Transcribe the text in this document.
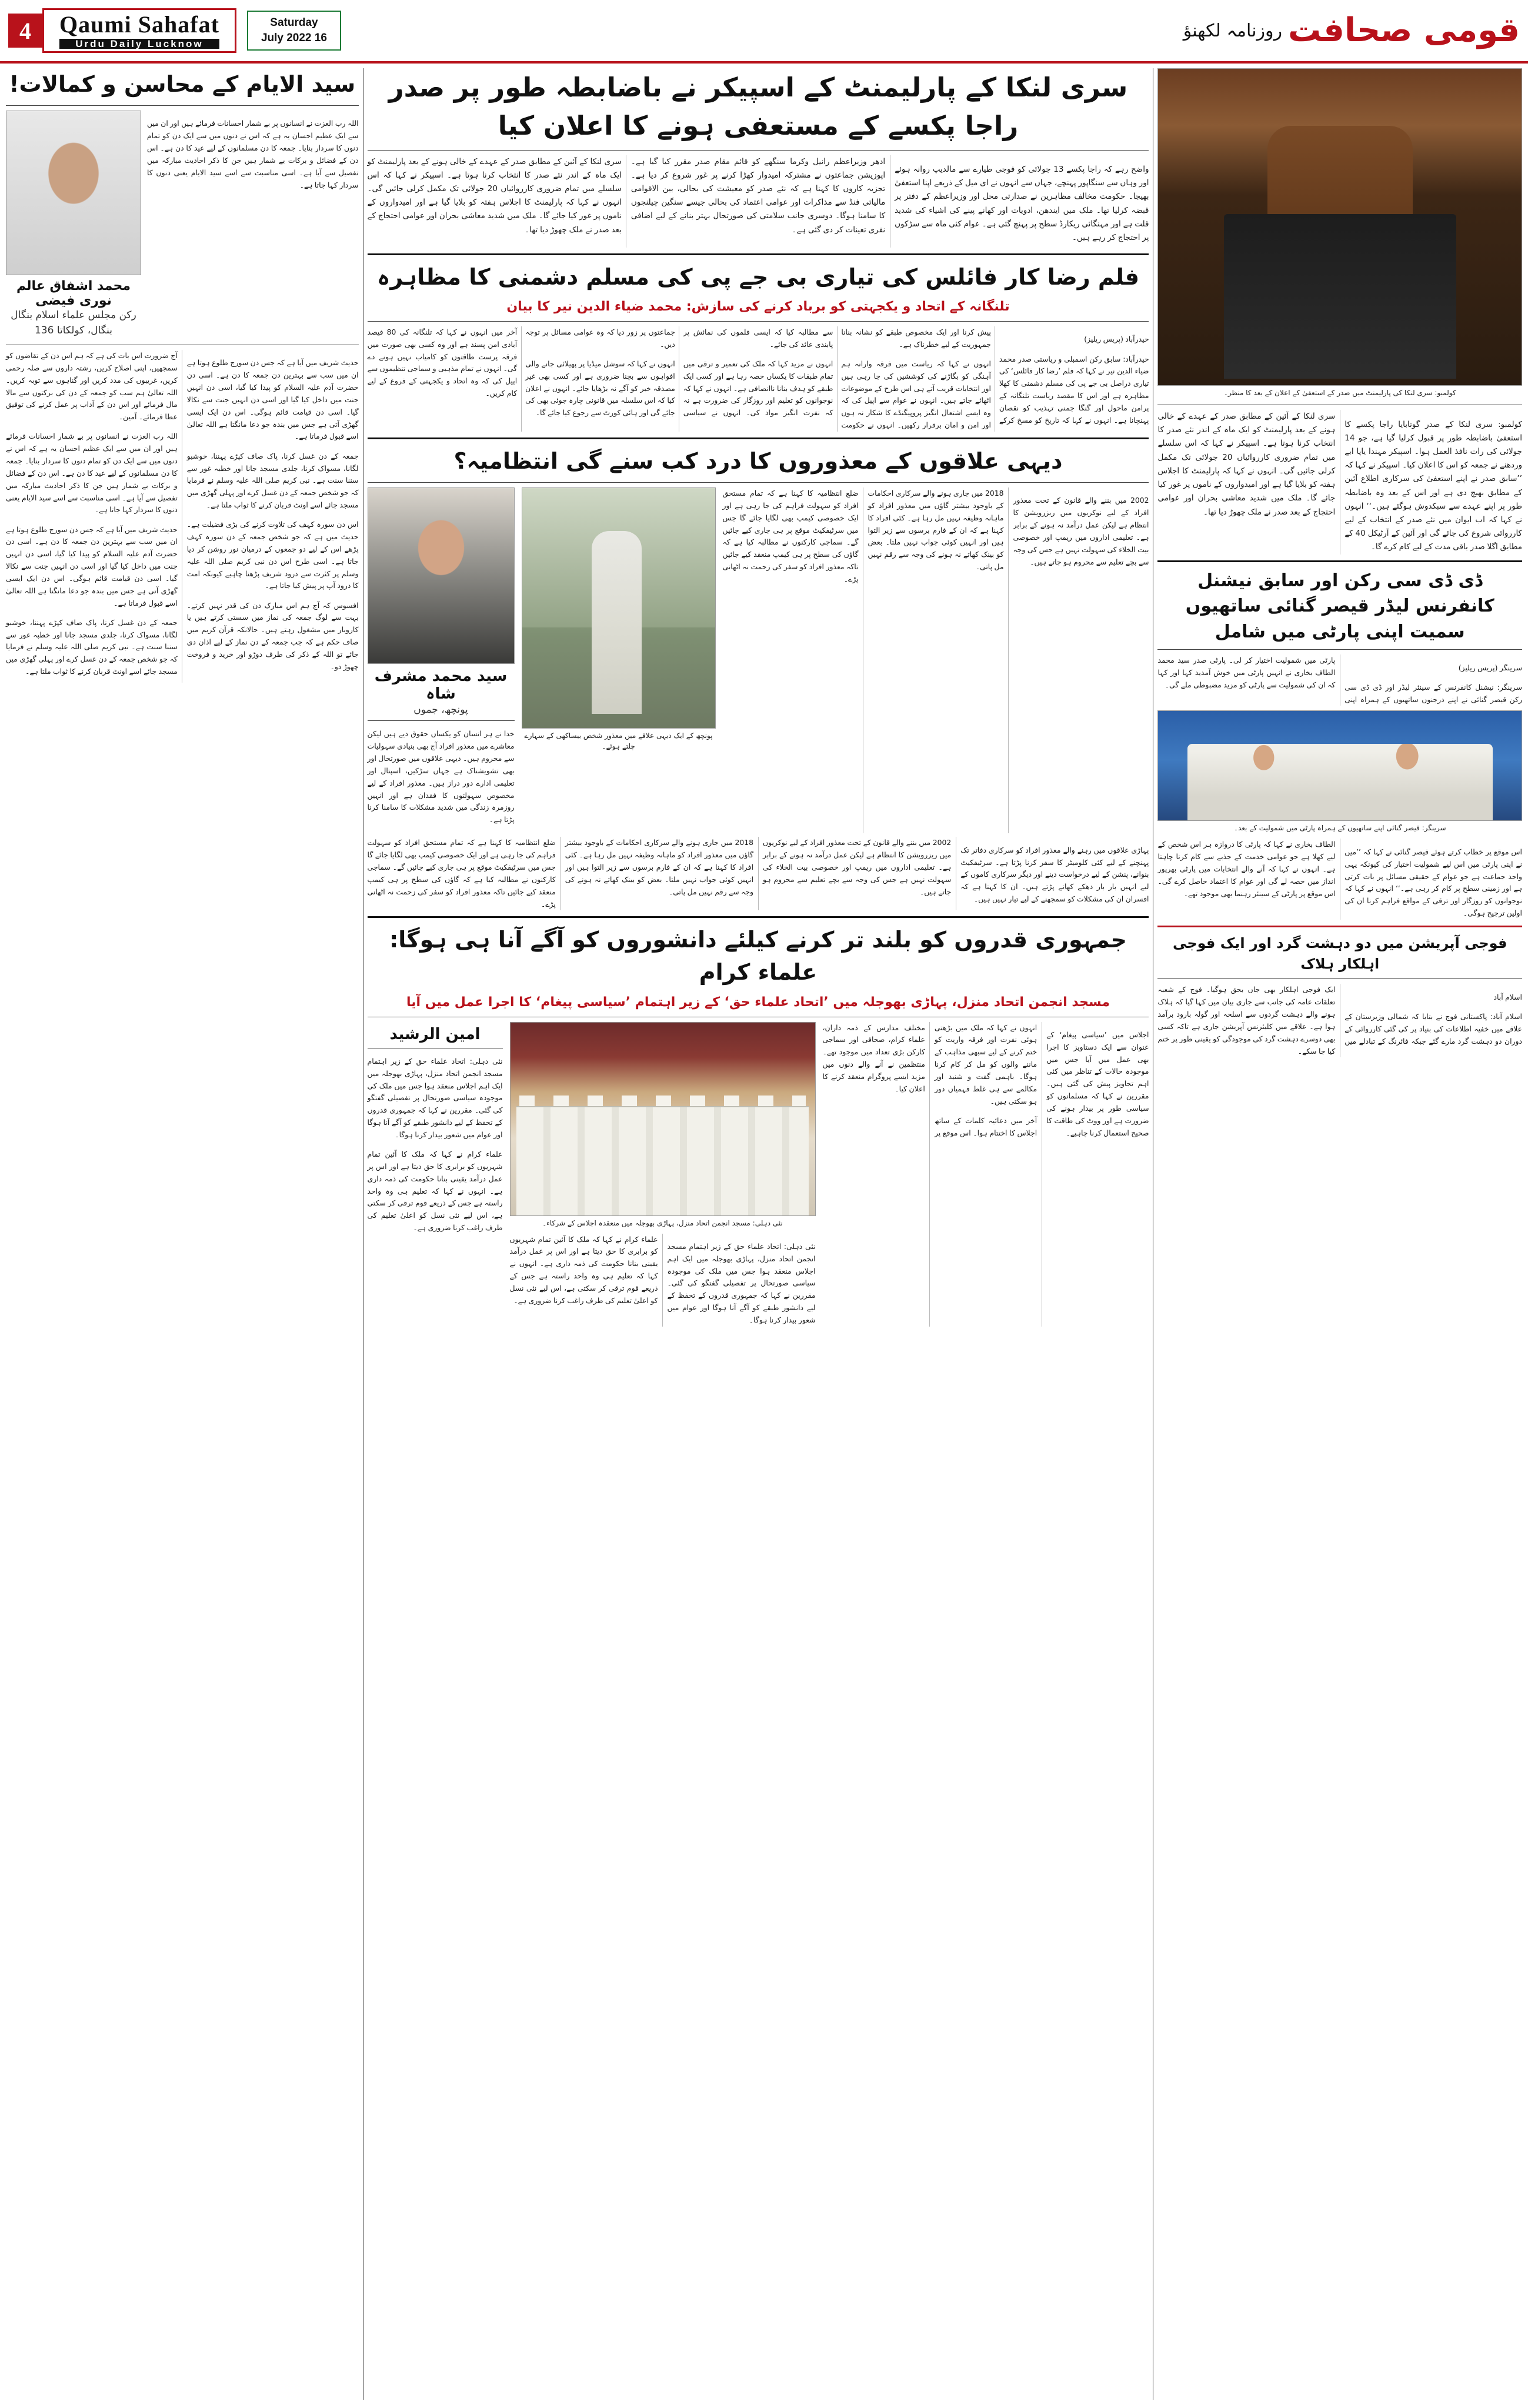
قومی صحافت
روزنامہ لکھنؤ
Saturday
16 July 2022
Qaumi Sahafat
Urdu Daily Lucknow
4
کولمبو: سری لنکا کی پارلیمنٹ میں صدر کے استعفیٰ کے اعلان کے بعد کا منظر۔

کولمبو: سری لنکا کے صدر گوتابایا راجا پکسے کا استعفیٰ باضابطہ طور پر قبول کرلیا گیا ہے، جو 14 جولائی کی رات نافذ العمل ہوا۔ اسپیکر مہندا یاپا ابے وردھنے نے جمعہ کو اس کا اعلان کیا۔ اسپیکر نے کہا کہ ’’سابق صدر نے اپنے استعفیٰ کی سرکاری اطلاع آئین کے مطابق بھیج دی ہے اور اس کے بعد وہ باضابطہ طور پر اپنے عہدے سے سبکدوش ہوگئے ہیں۔‘‘ انہوں نے کہا کہ اب ایوان میں نئے صدر کے انتخاب کے لیے کارروائی شروع کی جائے گی اور آئین کے آرٹیکل 40 کے مطابق اگلا صدر باقی مدت کے لیے کام کرے گا۔

سری لنکا کے آئین کے مطابق صدر کے عہدے کے خالی ہونے کے بعد پارلیمنٹ کو ایک ماہ کے اندر نئے صدر کا انتخاب کرنا ہوتا ہے۔ اسپیکر نے کہا کہ اس سلسلے میں تمام ضروری کارروائیاں 20 جولائی تک مکمل کرلی جائیں گی۔ انہوں نے کہا کہ پارلیمنٹ کا اجلاس ہفتہ کو بلایا گیا ہے اور امیدواروں کے ناموں پر غور کیا جائے گا۔ ملک میں شدید معاشی بحران اور عوامی احتجاج کے بعد صدر نے ملک چھوڑ دیا تھا۔

ڈی ڈی سی رکن اور سابق نیشنل کانفرنس لیڈر قیصر گنائی ساتھیوں سمیت اپنی پارٹی میں شامل

سرینگر (پریس ریلیز)

سرینگر: نیشنل کانفرنس کے سینئر لیڈر اور ڈی ڈی سی رکن قیصر گنائی نے اپنے درجنوں ساتھیوں کے ہمراہ اپنی پارٹی میں شمولیت اختیار کر لی۔ پارٹی صدر سید محمد الطاف بخاری نے انہیں پارٹی میں خوش آمدید کہا اور کہا کہ ان کی شمولیت سے پارٹی کو مزید مضبوطی ملے گی۔

سرینگر: قیصر گنائی اپنے ساتھیوں کے ہمراہ پارٹی میں شمولیت کے بعد۔

اس موقع پر خطاب کرتے ہوئے قیصر گنائی نے کہا کہ ’’میں نے اپنی پارٹی میں اس لیے شمولیت اختیار کی کیونکہ یہی واحد جماعت ہے جو عوام کے حقیقی مسائل پر بات کرتی ہے اور زمینی سطح پر کام کر رہی ہے۔‘‘ انہوں نے کہا کہ نوجوانوں کو روزگار اور ترقی کے مواقع فراہم کرنا ان کی اولین ترجیح ہوگی۔

الطاف بخاری نے کہا کہ پارٹی کا دروازہ ہر اس شخص کے لیے کھلا ہے جو عوامی خدمت کے جذبے سے کام کرنا چاہتا ہے۔ انہوں نے کہا کہ آنے والے انتخابات میں پارٹی بھرپور انداز میں حصہ لے گی اور عوام کا اعتماد حاصل کرے گی۔ اس موقع پر پارٹی کے سینئر رہنما بھی موجود تھے۔

فوجی آپریشن میں دو دہشت گرد اور ایک فوجی اہلکار ہلاک

اسلام آباد

اسلام آباد: پاکستانی فوج نے بتایا کہ شمالی وزیرستان کے علاقے میں خفیہ اطلاعات کی بنیاد پر کی گئی کارروائی کے دوران دو دہشت گرد مارے گئے جبکہ فائرنگ کے تبادلے میں ایک فوجی اہلکار بھی جاں بحق ہوگیا۔ فوج کے شعبہ تعلقات عامہ کی جانب سے جاری بیان میں کہا گیا کہ ہلاک ہونے والے دہشت گردوں سے اسلحہ اور گولہ بارود برآمد ہوا ہے۔ علاقے میں کلیئرنس آپریشن جاری ہے تاکہ کسی بھی دوسرے دہشت گرد کی موجودگی کو یقینی طور پر ختم کیا جا سکے۔

سری لنکا کے پارلیمنٹ کے اسپیکر نے باضابطہ طور پر صدر راجا پکسے کے مستعفی ہونے کا اعلان کیا

واضح رہے کہ راجا پکسے 13 جولائی کو فوجی طیارے سے مالدیپ روانہ ہوئے اور وہاں سے سنگاپور پہنچے، جہاں سے انہوں نے ای میل کے ذریعے اپنا استعفیٰ بھیجا۔ حکومت مخالف مظاہرین نے صدارتی محل اور وزیراعظم کے دفتر پر قبضہ کرلیا تھا۔ ملک میں ایندھن، ادویات اور کھانے پینے کی اشیاء کی شدید قلت ہے اور مہنگائی ریکارڈ سطح پر پہنچ گئی ہے۔ عوام کئی ماہ سے سڑکوں پر احتجاج کر رہے ہیں۔

ادھر وزیراعظم رانیل وکرما سنگھے کو قائم مقام صدر مقرر کیا گیا ہے۔ اپوزیشن جماعتوں نے مشترکہ امیدوار کھڑا کرنے پر غور شروع کر دیا ہے۔ تجزیہ کاروں کا کہنا ہے کہ نئے صدر کو معیشت کی بحالی، بین الاقوامی مالیاتی فنڈ سے مذاکرات اور عوامی اعتماد کی بحالی جیسے سنگین چیلنجوں کا سامنا ہوگا۔ دوسری جانب سلامتی کی صورتحال بہتر بنانے کے لیے اضافی نفری تعینات کر دی گئی ہے۔

سری لنکا کے آئین کے مطابق صدر کے عہدے کے خالی ہونے کے بعد پارلیمنٹ کو ایک ماہ کے اندر نئے صدر کا انتخاب کرنا ہوتا ہے۔ اسپیکر نے کہا کہ اس سلسلے میں تمام ضروری کارروائیاں 20 جولائی تک مکمل کرلی جائیں گی۔ انہوں نے کہا کہ پارلیمنٹ کا اجلاس ہفتہ کو بلایا گیا ہے اور امیدواروں کے ناموں پر غور کیا جائے گا۔ ملک میں شدید معاشی بحران اور عوامی احتجاج کے بعد صدر نے ملک چھوڑ دیا تھا۔

فلم رضا کار فائلس کی تیاری بی جے پی کی مسلم دشمنی کا مظاہرہ
تلنگانہ کے اتحاد و یکجہتی کو برباد کرنے کی سازش: محمد ضیاء الدین نیر کا بیان

حیدرآباد (پریس ریلیز)

حیدرآباد: سابق رکن اسمبلی و ریاستی صدر محمد ضیاء الدین نیر نے کہا کہ فلم ’رضا کار فائلس‘ کی تیاری دراصل بی جے پی کی مسلم دشمنی کا کھلا مظاہرہ ہے اور اس کا مقصد ریاست تلنگانہ کے پرامن ماحول اور گنگا جمنی تہذیب کو نقصان پہنچانا ہے۔ انہوں نے کہا کہ تاریخ کو مسخ کرکے پیش کرنا اور ایک مخصوص طبقے کو نشانہ بنانا جمہوریت کے لیے خطرناک ہے۔

انہوں نے کہا کہ ریاست میں فرقہ وارانہ ہم آہنگی کو بگاڑنے کی کوششیں کی جا رہی ہیں اور انتخابات قریب آتے ہی اس طرح کے موضوعات اٹھائے جاتے ہیں۔ انہوں نے عوام سے اپیل کی کہ وہ ایسے اشتعال انگیز پروپیگنڈے کا شکار نہ ہوں اور امن و امان برقرار رکھیں۔ انہوں نے حکومت سے مطالبہ کیا کہ ایسی فلموں کی نمائش پر پابندی عائد کی جائے۔

انہوں نے مزید کہا کہ ملک کی تعمیر و ترقی میں تمام طبقات کا یکساں حصہ رہا ہے اور کسی ایک طبقے کو ہدف بنانا ناانصافی ہے۔ انہوں نے کہا کہ نوجوانوں کو تعلیم اور روزگار کی ضرورت ہے نہ کہ نفرت انگیز مواد کی۔ انہوں نے سیاسی جماعتوں پر زور دیا کہ وہ عوامی مسائل پر توجہ دیں۔

انہوں نے کہا کہ سوشل میڈیا پر پھیلائی جانے والی افواہوں سے بچنا ضروری ہے اور کسی بھی غیر مصدقہ خبر کو آگے نہ بڑھایا جائے۔ انہوں نے اعلان کیا کہ اس سلسلہ میں قانونی چارہ جوئی بھی کی جائے گی اور ہائی کورٹ سے رجوع کیا جائے گا۔

آخر میں انہوں نے کہا کہ تلنگانہ کی 80 فیصد آبادی امن پسند ہے اور وہ کسی بھی صورت میں فرقہ پرست طاقتوں کو کامیاب نہیں ہونے دے گی۔ انہوں نے تمام مذہبی و سماجی تنظیموں سے اپیل کی کہ وہ اتحاد و یکجہتی کے فروغ کے لیے کام کریں۔

دیہی علاقوں کے معذوروں کا درد کب سنے گی انتظامیہ؟

2002 میں بننے والے قانون کے تحت معذور افراد کے لیے نوکریوں میں ریزرویشن کا انتظام ہے لیکن عمل درآمد نہ ہونے کے برابر ہے۔ تعلیمی اداروں میں ریمپ اور خصوصی بیت الخلاء کی سہولت نہیں ہے جس کی وجہ سے بچے تعلیم سے محروم ہو جاتے ہیں۔

2018 میں جاری ہونے والے سرکاری احکامات کے باوجود بیشتر گاؤں میں معذور افراد کو ماہانہ وظیفہ نہیں مل رہا ہے۔ کئی افراد کا کہنا ہے کہ ان کے فارم برسوں سے زیر التوا ہیں اور انہیں کوئی جواب نہیں ملتا۔ بعض کو بینک کھاتے نہ ہونے کی وجہ سے رقم نہیں مل پاتی۔

ضلع انتظامیہ کا کہنا ہے کہ تمام مستحق افراد کو سہولت فراہم کی جا رہی ہے اور ایک خصوصی کیمپ بھی لگایا جائے گا جس میں سرٹیفکیٹ موقع پر ہی جاری کیے جائیں گے۔ سماجی کارکنوں نے مطالبہ کیا ہے کہ گاؤں کی سطح پر ہی کیمپ منعقد کیے جائیں تاکہ معذور افراد کو سفر کی زحمت نہ اٹھانی پڑے۔

پونچھ کے ایک دیہی علاقے میں معذور شخص بیساکھی کے سہارے چلتے ہوئے۔
سید محمد مشرف شاہ
پونچھ، جموں

خدا نے ہر انسان کو یکساں حقوق دیے ہیں لیکن معاشرے میں معذور افراد آج بھی بنیادی سہولیات سے محروم ہیں۔ دیہی علاقوں میں صورتحال اور بھی تشویشناک ہے جہاں سڑکیں، اسپتال اور تعلیمی ادارے دور دراز ہیں۔ معذور افراد کے لیے مخصوص سہولتوں کا فقدان ہے اور انہیں روزمرہ زندگی میں شدید مشکلات کا سامنا کرنا پڑتا ہے۔

پہاڑی علاقوں میں رہنے والے معذور افراد کو سرکاری دفاتر تک پہنچنے کے لیے کئی کلومیٹر کا سفر کرنا پڑتا ہے۔ سرٹیفکیٹ بنوانے، پنشن کے لیے درخواست دینے اور دیگر سرکاری کاموں کے لیے انہیں بار بار دھکے کھانے پڑتے ہیں۔ ان کا کہنا ہے کہ افسران ان کی مشکلات کو سمجھنے کے لیے تیار نہیں ہیں۔

2002 میں بننے والے قانون کے تحت معذور افراد کے لیے نوکریوں میں ریزرویشن کا انتظام ہے لیکن عمل درآمد نہ ہونے کے برابر ہے۔ تعلیمی اداروں میں ریمپ اور خصوصی بیت الخلاء کی سہولت نہیں ہے جس کی وجہ سے بچے تعلیم سے محروم ہو جاتے ہیں۔

2018 میں جاری ہونے والے سرکاری احکامات کے باوجود بیشتر گاؤں میں معذور افراد کو ماہانہ وظیفہ نہیں مل رہا ہے۔ کئی افراد کا کہنا ہے کہ ان کے فارم برسوں سے زیر التوا ہیں اور انہیں کوئی جواب نہیں ملتا۔ بعض کو بینک کھاتے نہ ہونے کی وجہ سے رقم نہیں مل پاتی۔

ضلع انتظامیہ کا کہنا ہے کہ تمام مستحق افراد کو سہولت فراہم کی جا رہی ہے اور ایک خصوصی کیمپ بھی لگایا جائے گا جس میں سرٹیفکیٹ موقع پر ہی جاری کیے جائیں گے۔ سماجی کارکنوں نے مطالبہ کیا ہے کہ گاؤں کی سطح پر ہی کیمپ منعقد کیے جائیں تاکہ معذور افراد کو سفر کی زحمت نہ اٹھانی پڑے۔

جمہوری قدروں کو بلند تر کرنے کیلئے دانشوروں کو آگے آنا ہی ہوگا: علماء کرام
مسجد انجمن اتحاد منزل، پہاڑی بھوجلہ میں ’اتحاد علماء حق‘ کے زیر اہتمام ’سیاسی پیغام‘ کا اجرا عمل میں آیا

اجلاس میں ’سیاسی پیغام‘ کے عنوان سے ایک دستاویز کا اجرا بھی عمل میں آیا جس میں موجودہ حالات کے تناظر میں کئی اہم تجاویز پیش کی گئی ہیں۔ مقررین نے کہا کہ مسلمانوں کو سیاسی طور پر بیدار ہونے کی ضرورت ہے اور ووٹ کی طاقت کا صحیح استعمال کرنا چاہیے۔

انہوں نے کہا کہ ملک میں بڑھتی ہوئی نفرت اور فرقہ واریت کو ختم کرنے کے لیے سبھی مذاہب کے ماننے والوں کو مل کر کام کرنا ہوگا۔ باہمی گفت و شنید اور مکالمے سے ہی غلط فہمیاں دور ہو سکتی ہیں۔

آخر میں دعائیہ کلمات کے ساتھ اجلاس کا اختتام ہوا۔ اس موقع پر مختلف مدارس کے ذمہ داران، علماء کرام، صحافی اور سماجی کارکن بڑی تعداد میں موجود تھے۔ منتظمین نے آنے والے دنوں میں مزید ایسے پروگرام منعقد کرنے کا اعلان کیا۔

نئی دہلی: مسجد انجمن اتحاد منزل، پہاڑی بھوجلہ میں منعقدہ اجلاس کے شرکاء۔

نئی دہلی: اتحاد علماء حق کے زیر اہتمام مسجد انجمن اتحاد منزل، پہاڑی بھوجلہ میں ایک اہم اجلاس منعقد ہوا جس میں ملک کی موجودہ سیاسی صورتحال پر تفصیلی گفتگو کی گئی۔ مقررین نے کہا کہ جمہوری قدروں کے تحفظ کے لیے دانشور طبقے کو آگے آنا ہوگا اور عوام میں شعور بیدار کرنا ہوگا۔

علماء کرام نے کہا کہ ملک کا آئین تمام شہریوں کو برابری کا حق دیتا ہے اور اس پر عمل درآمد یقینی بنانا حکومت کی ذمہ داری ہے۔ انہوں نے کہا کہ تعلیم ہی وہ واحد راستہ ہے جس کے ذریعے قوم ترقی کر سکتی ہے، اس لیے نئی نسل کو اعلیٰ تعلیم کی طرف راغب کرنا ضروری ہے۔

امین الرشید

نئی دہلی: اتحاد علماء حق کے زیر اہتمام مسجد انجمن اتحاد منزل، پہاڑی بھوجلہ میں ایک اہم اجلاس منعقد ہوا جس میں ملک کی موجودہ سیاسی صورتحال پر تفصیلی گفتگو کی گئی۔ مقررین نے کہا کہ جمہوری قدروں کے تحفظ کے لیے دانشور طبقے کو آگے آنا ہوگا اور عوام میں شعور بیدار کرنا ہوگا۔

علماء کرام نے کہا کہ ملک کا آئین تمام شہریوں کو برابری کا حق دیتا ہے اور اس پر عمل درآمد یقینی بنانا حکومت کی ذمہ داری ہے۔ انہوں نے کہا کہ تعلیم ہی وہ واحد راستہ ہے جس کے ذریعے قوم ترقی کر سکتی ہے، اس لیے نئی نسل کو اعلیٰ تعلیم کی طرف راغب کرنا ضروری ہے۔

سید الایام کے محاسن و کمالات!

اللہ رب العزت نے انسانوں پر بے شمار احسانات فرمائے ہیں اور ان میں سے ایک عظیم احسان یہ ہے کہ اس نے دنوں میں سے ایک دن کو تمام دنوں کا سردار بنایا۔ جمعہ کا دن مسلمانوں کے لیے عید کا دن ہے۔ اس دن کے فضائل و برکات بے شمار ہیں جن کا ذکر احادیث مبارکہ میں تفصیل سے آیا ہے۔ اسی مناسبت سے اسے سید الایام یعنی دنوں کا سردار کہا جاتا ہے۔

محمد اشفاق عالم نوری فیضی
رکن مجلس علماء اسلام بنگال
بنگال، کولکاتا 136

حدیث شریف میں آیا ہے کہ جس دن سورج طلوع ہوتا ہے ان میں سب سے بہترین دن جمعہ کا دن ہے۔ اسی دن حضرت آدم علیہ السلام کو پیدا کیا گیا، اسی دن انہیں جنت میں داخل کیا گیا اور اسی دن انہیں جنت سے نکالا گیا۔ اسی دن قیامت قائم ہوگی۔ اس دن ایک ایسی گھڑی آتی ہے جس میں بندہ جو دعا مانگتا ہے اللہ تعالیٰ اسے قبول فرماتا ہے۔

جمعہ کے دن غسل کرنا، پاک صاف کپڑے پہننا، خوشبو لگانا، مسواک کرنا، جلدی مسجد جانا اور خطبہ غور سے سننا سنت ہے۔ نبی کریم صلی اللہ علیہ وسلم نے فرمایا کہ جو شخص جمعہ کے دن غسل کرے اور پہلی گھڑی میں مسجد جائے اسے اونٹ قربان کرنے کا ثواب ملتا ہے۔

اس دن سورہ کہف کی تلاوت کرنے کی بڑی فضیلت ہے۔ حدیث میں ہے کہ جو شخص جمعہ کے دن سورہ کہف پڑھے اس کے لیے دو جمعوں کے درمیان نور روشن کر دیا جاتا ہے۔ اسی طرح اس دن نبی کریم صلی اللہ علیہ وسلم پر کثرت سے درود شریف پڑھنا چاہیے کیونکہ امت کا درود آپ پر پیش کیا جاتا ہے۔

افسوس کہ آج ہم اس مبارک دن کی قدر نہیں کرتے۔ بہت سے لوگ جمعہ کی نماز میں سستی کرتے ہیں یا کاروبار میں مشغول رہتے ہیں۔ حالانکہ قرآن کریم میں صاف حکم ہے کہ جب جمعہ کے دن نماز کے لیے اذان دی جائے تو اللہ کے ذکر کی طرف دوڑو اور خرید و فروخت چھوڑ دو۔

آج ضرورت اس بات کی ہے کہ ہم اس دن کے تقاضوں کو سمجھیں، اپنی اصلاح کریں، رشتہ داروں سے صلہ رحمی کریں، غریبوں کی مدد کریں اور گناہوں سے توبہ کریں۔ اللہ تعالیٰ ہم سب کو جمعہ کے دن کی برکتوں سے مالا مال فرمائے اور اس دن کے آداب پر عمل کرنے کی توفیق عطا فرمائے۔ آمین۔

اللہ رب العزت نے انسانوں پر بے شمار احسانات فرمائے ہیں اور ان میں سے ایک عظیم احسان یہ ہے کہ اس نے دنوں میں سے ایک دن کو تمام دنوں کا سردار بنایا۔ جمعہ کا دن مسلمانوں کے لیے عید کا دن ہے۔ اس دن کے فضائل و برکات بے شمار ہیں جن کا ذکر احادیث مبارکہ میں تفصیل سے آیا ہے۔ اسی مناسبت سے اسے سید الایام یعنی دنوں کا سردار کہا جاتا ہے۔

حدیث شریف میں آیا ہے کہ جس دن سورج طلوع ہوتا ہے ان میں سب سے بہترین دن جمعہ کا دن ہے۔ اسی دن حضرت آدم علیہ السلام کو پیدا کیا گیا، اسی دن انہیں جنت میں داخل کیا گیا اور اسی دن انہیں جنت سے نکالا گیا۔ اسی دن قیامت قائم ہوگی۔ اس دن ایک ایسی گھڑی آتی ہے جس میں بندہ جو دعا مانگتا ہے اللہ تعالیٰ اسے قبول فرماتا ہے۔

جمعہ کے دن غسل کرنا، پاک صاف کپڑے پہننا، خوشبو لگانا، مسواک کرنا، جلدی مسجد جانا اور خطبہ غور سے سننا سنت ہے۔ نبی کریم صلی اللہ علیہ وسلم نے فرمایا کہ جو شخص جمعہ کے دن غسل کرے اور پہلی گھڑی میں مسجد جائے اسے اونٹ قربان کرنے کا ثواب ملتا ہے۔
